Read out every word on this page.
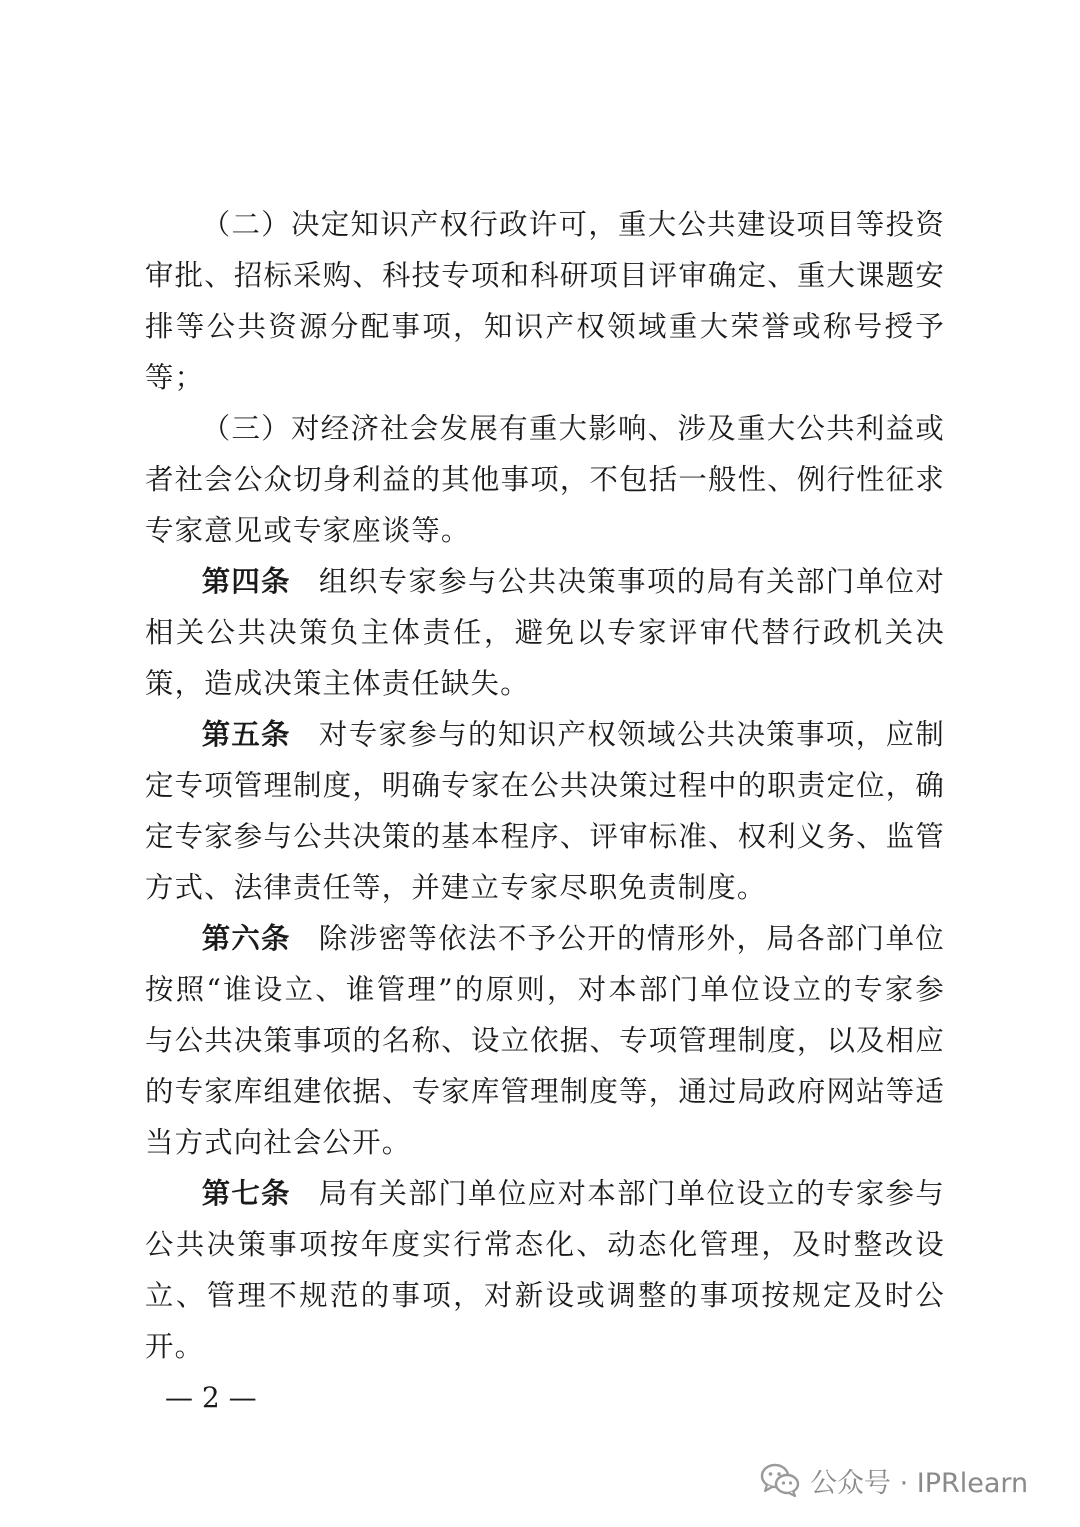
（二）决定知识产权行政许可，重大公共建设项目等投资审批、招标采购、科技专项和科研项目评审确定、重大课题安排等公共资源分配事项，知识产权领域重大荣誉或称号授予等；

（三）对经济社会发展有重大影响、涉及重大公共利益或者社会公众切身利益的其他事项，不包括一般性、例行性征求专家意见或专家座谈等。

第四条 组织专家参与公共决策事项的局有关部门单位对相关公共决策负主体责任，避免以专家评审代替行政机关决策，造成决策主体责任缺失。

第五条 对专家参与的知识产权领域公共决策事项，应制定专项管理制度，明确专家在公共决策过程中的职责定位，确定专家参与公共决策的基本程序、评审标准、权利义务、监管方式、法律责任等，并建立专家尽职免责制度。

第六条 除涉密等依法不予公开的情形外，局各部门单位按照“谁设立、谁管理”的原则，对本部门单位设立的专家参与公共决策事项的名称、设立依据、专项管理制度，以及相应的专家库组建依据、专家库管理制度等，通过局政府网站等适当方式向社会公开。

第七条 局有关部门单位应对本部门单位设立的专家参与公共决策事项按年度实行常态化、动态化管理，及时整改设立、管理不规范的事项，对新设或调整的事项按规定及时公开。

— 2 —
公众号 · IPRlearn
